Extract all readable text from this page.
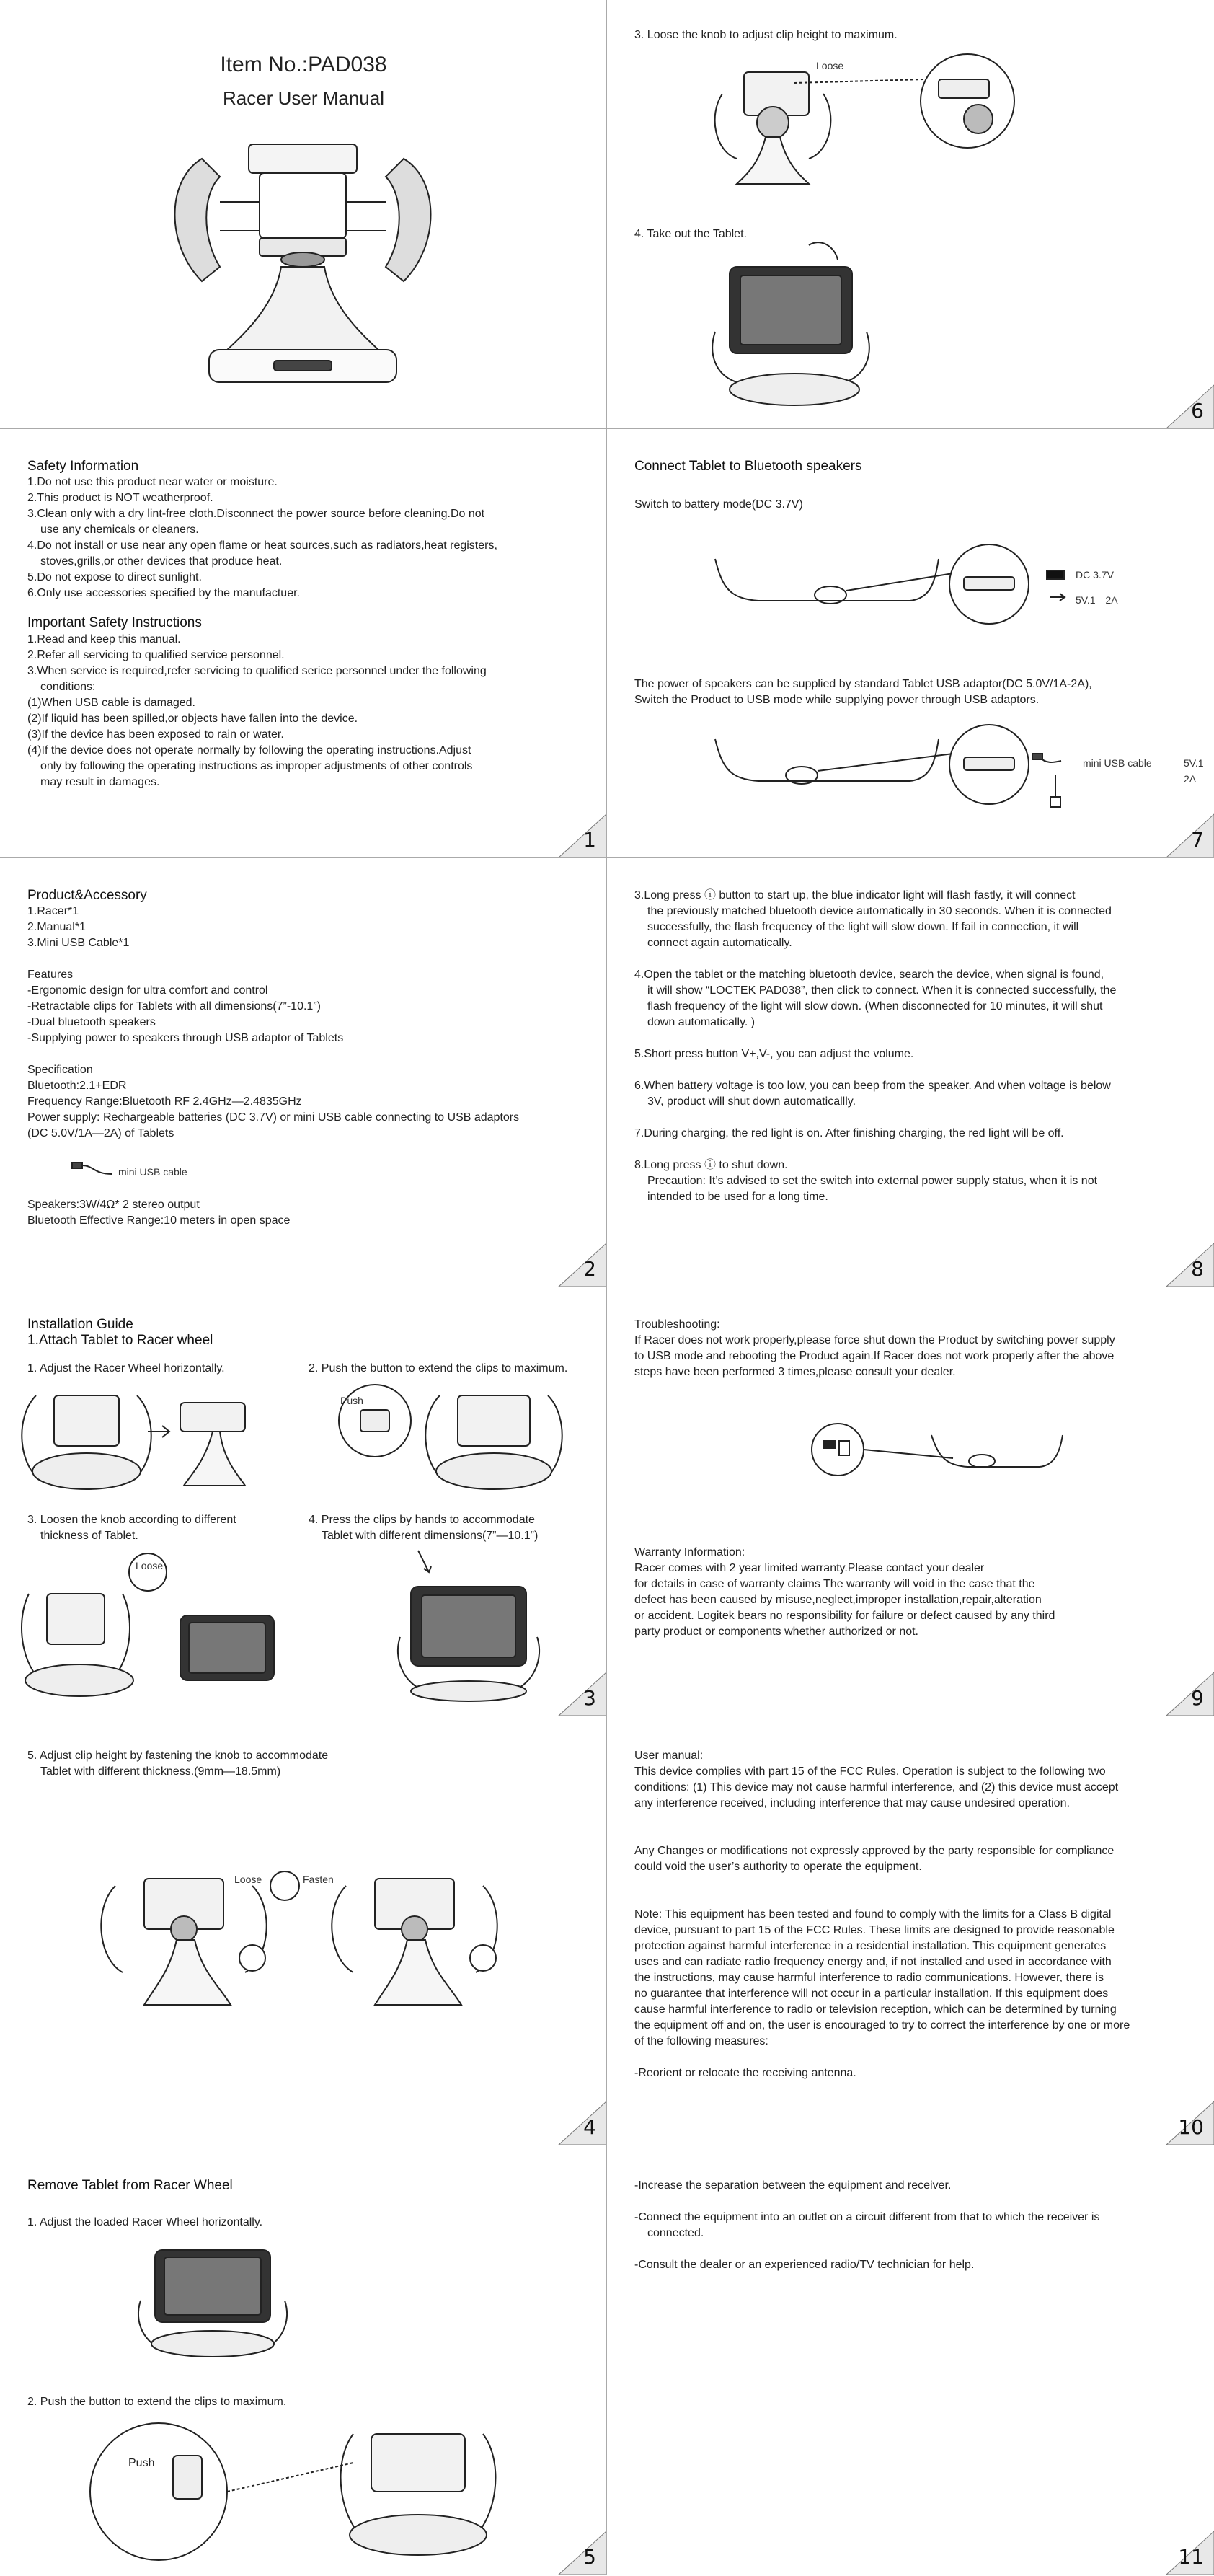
Item No.:PAD038
Racer User Manual
3. Loose the knob to adjust clip height to maximum.
Loose
4. Take out the Tablet.
6
Safety Information
1.Do not use this product near water or moisture.
2.This product is NOT weatherproof.
3.Clean only with a dry lint-free cloth.Disconnect the power source before cleaning.Do not
use any chemicals or cleaners.
4.Do not install or use near any open flame or heat sources,such as radiators,heat registers,
stoves,grills,or other devices that produce heat.
5.Do not expose to direct sunlight.
6.Only use accessories specified by the manufactuer.
Important Safety Instructions
1.Read and keep this manual.
2.Refer all servicing to qualified service personnel.
3.When service is required,refer servicing to qualified serice personnel under the following
conditions:
(1)When USB cable is damaged.
(2)If liquid has been spilled,or objects have fallen into the device.
(3)If the device has been exposed to rain or water.
(4)If the device does not operate normally by following the operating instructions.Adjust
only by following the operating instructions as improper adjustments of other controls
may result in damages.
1
Connect Tablet to Bluetooth speakers
Switch to battery mode(DC 3.7V)
DC 3.7V
5V.1—2A
The power of speakers can be supplied by standard Tablet USB adaptor(DC 5.0V/1A-2A),
Switch the Product to USB mode while supplying power through USB adaptors.
mini USB cable	5V.1—2A
7
Product&Accessory
1.Racer*1
2.Manual*1
3.Mini USB Cable*1
Features
-Ergonomic design for ultra comfort and control
-Retractable clips for Tablets with all dimensions(7”-10.1”)
-Dual bluetooth speakers
-Supplying power to speakers through USB adaptor of Tablets
Specification
Bluetooth:2.1+EDR
Frequency Range:Bluetooth RF 2.4GHz—2.4835GHz
Power supply: Rechargeable batteries (DC 3.7V) or mini USB cable connecting to USB adaptors
(DC 5.0V/1A—2A) of Tablets
mini USB cable
Speakers:3W/4Ω* 2 stereo output
Bluetooth Effective Range:10 meters in open space
2
3.Long press ⓘ button to start up, the blue indicator light will flash fastly, it will connect
the previously matched bluetooth device automatically in 30 seconds. When it is connected
successfully, the flash frequency of the light will slow down. If fail in connection, it will
connect again automatically.
4.Open the tablet or the matching bluetooth device, search the device, when signal is found,
it will show “LOCTEK PAD038”, then click to connect. When it is connected successfully, the
flash frequency of the light will slow down. (When disconnected for 10 minutes, it will shut
down automatically. )
5.Short press button V+,V-, you can adjust the volume.
6.When battery voltage is too low, you can beep from the speaker. And when voltage is below
3V, product will shut down automaticallly.
7.During charging, the red light is on. After finishing charging, the red light will be off.
8.Long press ⓘ to shut down.
Precaution: It’s advised to set the switch into external power supply status, when it is not
intended to be used for a long time.
8
Installation Guide
1.Attach Tablet to Racer wheel
1. Adjust the Racer Wheel horizontally.	2. Push the button to extend the clips to maximum.
Push
3. Loosen the knob according to different
thickness of Tablet.
4. Press the clips by hands to accommodate
Tablet with different dimensions(7”—10.1”)
Loose
3
Troubleshooting:
If Racer does not work properly,please force shut down the Product by switching power supply
to USB mode and rebooting the Product again.If Racer does not work properly after the above
steps have been performed 3 times,please consult your dealer.
Warranty Information:
Racer comes with 2 year limited warranty.Please contact your dealer
for details in case of warranty claims The warranty will void in the case that the
defect has been caused by misuse,neglect,improper installation,repair,alteration
or accident. Logitek bears no responsibility for failure or defect caused by any third
party product or components whether authorized or not.
9
5. Adjust clip height by fastening the knob to accommodate
Tablet with different thickness.(9mm—18.5mm)
Loose	Fasten
4
User manual:
This device complies with part 15 of the FCC Rules. Operation is subject to the following two
conditions: (1) This device may not cause harmful interference, and (2) this device must accept
any interference received, including interference that may cause undesired operation.
Any Changes or modifications not expressly approved by the party responsible for compliance
could void the user’s authority to operate the equipment.
Note: This equipment has been tested and found to comply with the limits for a Class B digital
device, pursuant to part 15 of the FCC Rules. These limits are designed to provide reasonable
protection against harmful interference in a residential installation. This equipment generates
uses and can radiate radio frequency energy and, if not installed and used in accordance with
the instructions, may cause harmful interference to radio communications. However, there is
no guarantee that interference will not occur in a particular installation. If this equipment does
cause harmful interference to radio or television reception, which can be determined by turning
the equipment off and on, the user is encouraged to try to correct the interference by one or more
of the following measures:
-Reorient or relocate the receiving antenna.
10
Remove Tablet from Racer Wheel
1. Adjust the loaded Racer Wheel horizontally.
2. Push the button to extend the clips to maximum.
Push
5
-Increase the separation between the equipment and receiver.
-Connect the equipment into an outlet on a circuit different from that to which the receiver is
connected.
-Consult the dealer or an experienced radio/TV technician for help.
11
